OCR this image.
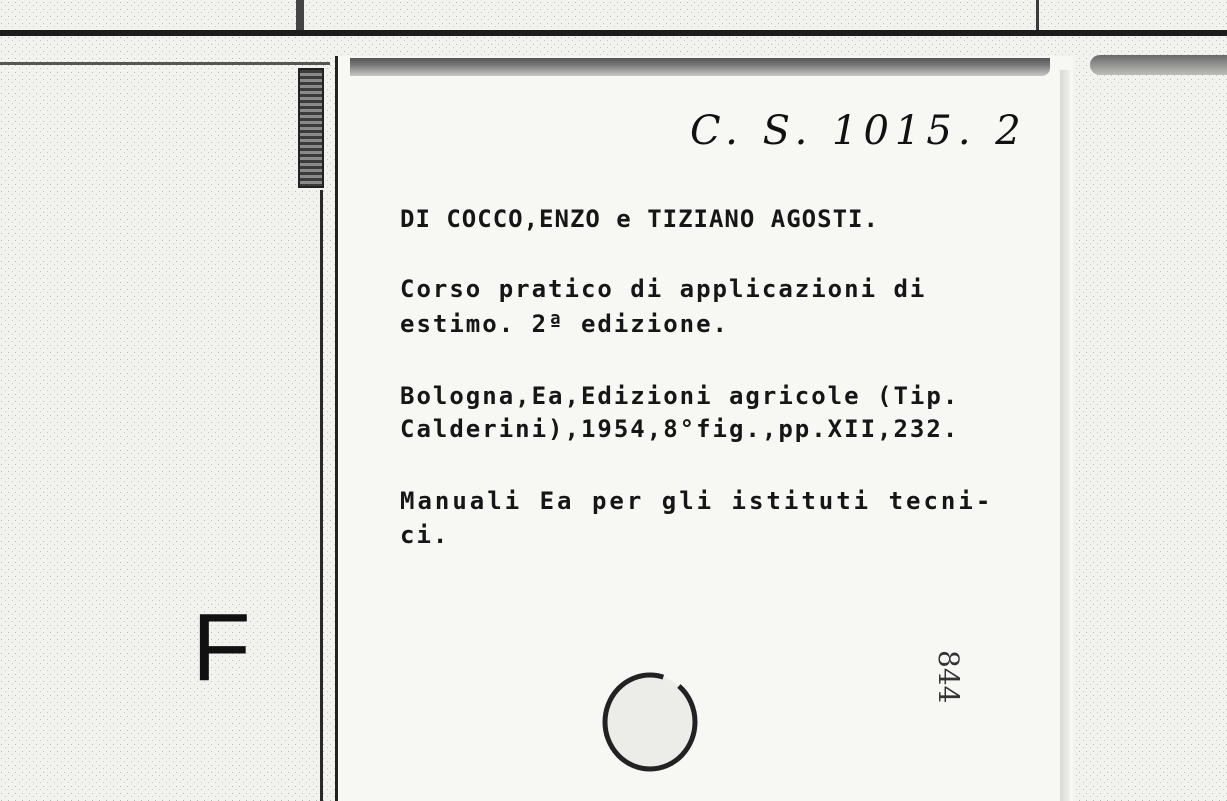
C. S. 1015. 2
DI COCCO,ENZO e TIZIANO AGOSTI.
Corso pratico di applicazioni di
estimo. 2ª edizione.
Bologna,Ea,Edizioni agricole (Tip.
Calderini),1954,8°fig.,pp.XII,232.
Manuali Ea per gli istituti tecni-
ci.
F	844
